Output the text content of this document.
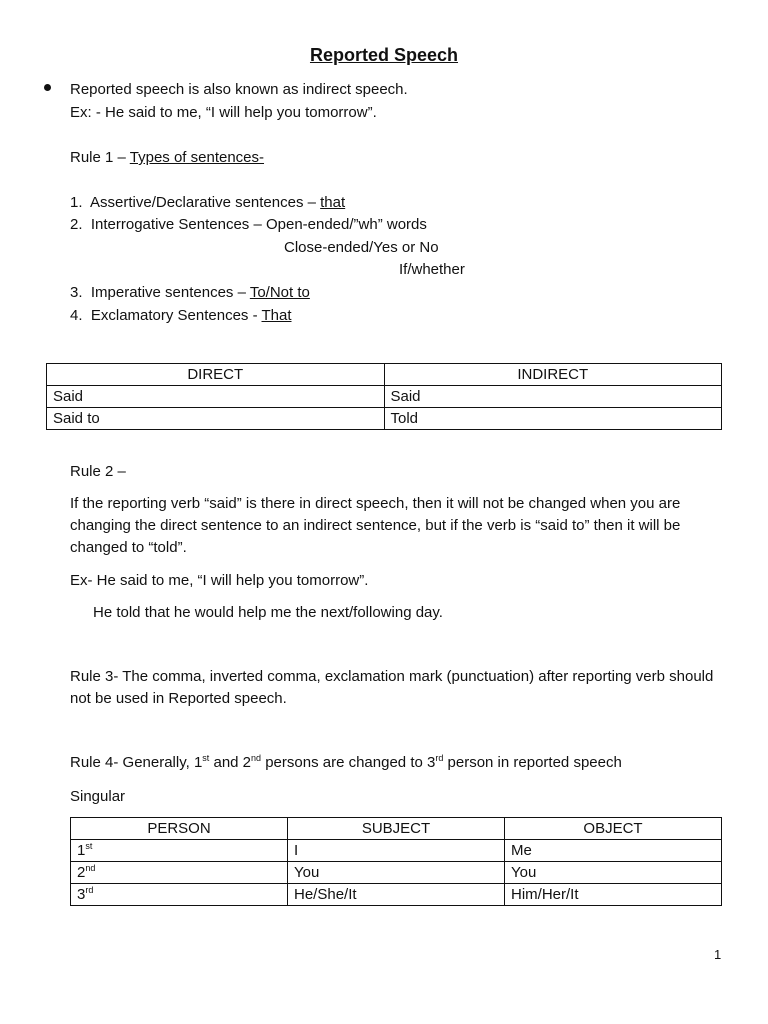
Reported Speech
Reported speech is also known as indirect speech.
Ex: - He said to me, “I will help you tomorrow”.
Rule 1 – Types of sentences-
1. Assertive/Declarative sentences – that
2. Interrogative Sentences – Open-ended/”wh” words
Close-ended/Yes or No
If/whether
3. Imperative sentences – To/Not to
4. Exclamatory Sentences - That
DIRECT	INDIRECT
Said	Said
Said to	Told
Rule 2 –
If the reporting verb “said” is there in direct speech, then it will not be changed when you are changing the direct sentence to an indirect sentence, but if the verb is “said to” then it will be changed to “told”.
Ex- He said to me, “I will help you tomorrow”.
He told that he would help me the next/following day.
Rule 3- The comma, inverted comma, exclamation mark (punctuation) after reporting verb should not be used in Reported speech.
Rule 4- Generally, 1st and 2nd persons are changed to 3rd person in reported speech
Singular
PERSON	SUBJECT	OBJECT
1st	I	Me
2nd	You	You
3rd	He/She/It	Him/Her/It
1
